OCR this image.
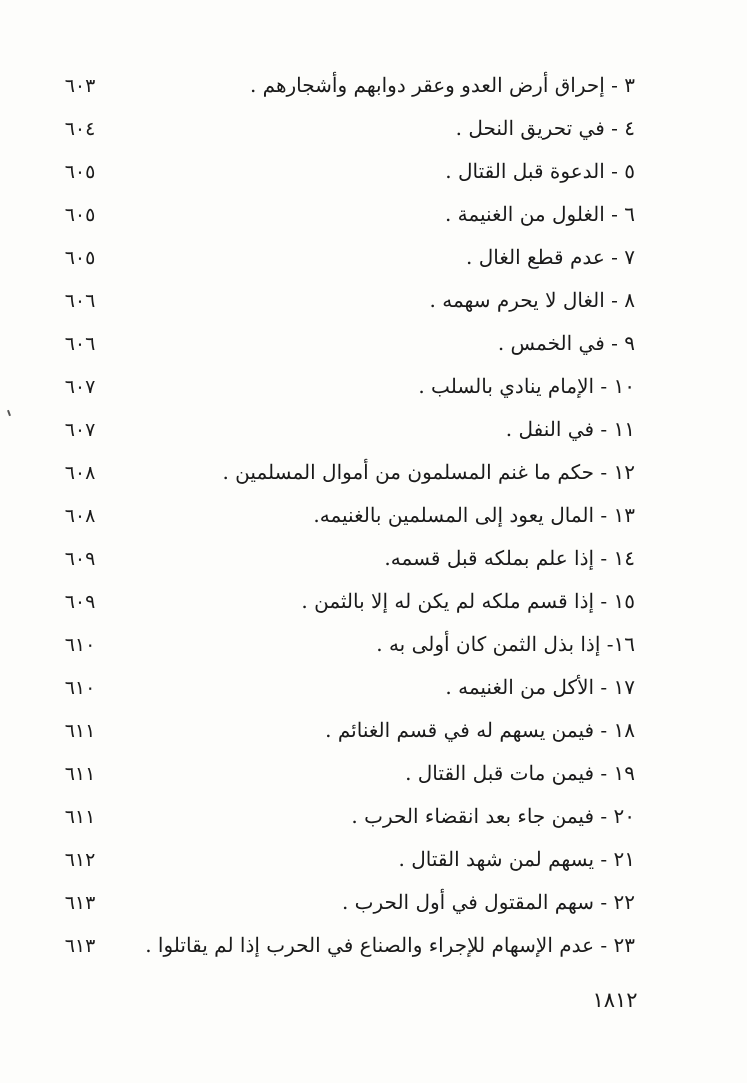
٣ - إحراق أرض العدو وعقر دوابهم وأشجارهم .
٦٠٣
٤ - في تحريق النحل .
٦٠٤
٥ - الدعوة قبل القتال .
٦٠٥
٦ - الغلول من الغنيمة .
٦٠٥
٧ - عدم قطع الغال .
٦٠٥
٨ - الغال لا يحرم سهمه .
٦٠٦
٩ - في الخمس .
٦٠٦
١٠ - الإمام ينادي بالسلب .
٦٠٧
١١ - في النفل .
٦٠٧
١٢ - حكم ما غنم المسلمون من أموال المسلمين .
٦٠٨
١٣ - المال يعود إلى المسلمين بالغنيمه.
٦٠٨
١٤ - إذا علم بملكه قبل قسمه.
٦٠٩
١٥ - إذا قسم ملكه لم يكن له إلا بالثمن .
٦٠٩
١٦- إذا بذل الثمن كان أولى به .
٦١٠
١٧ - الأكل من الغنيمه .
٦١٠
١٨ - فيمن يسهم له في قسم الغنائم .
٦١١
١٩ - فيمن مات قبل القتال .
٦١١
٢٠ - فيمن جاء بعد انقضاء الحرب .
٦١١
٢١ - يسهم لمن شهد القتال .
٦١٢
٢٢ - سهم المقتول في أول الحرب .
٦١٣
٢٣ - عدم الإسهام للإجراء والصناع في الحرب إذا لم يقاتلوا .
٦١٣
١٨١٢
